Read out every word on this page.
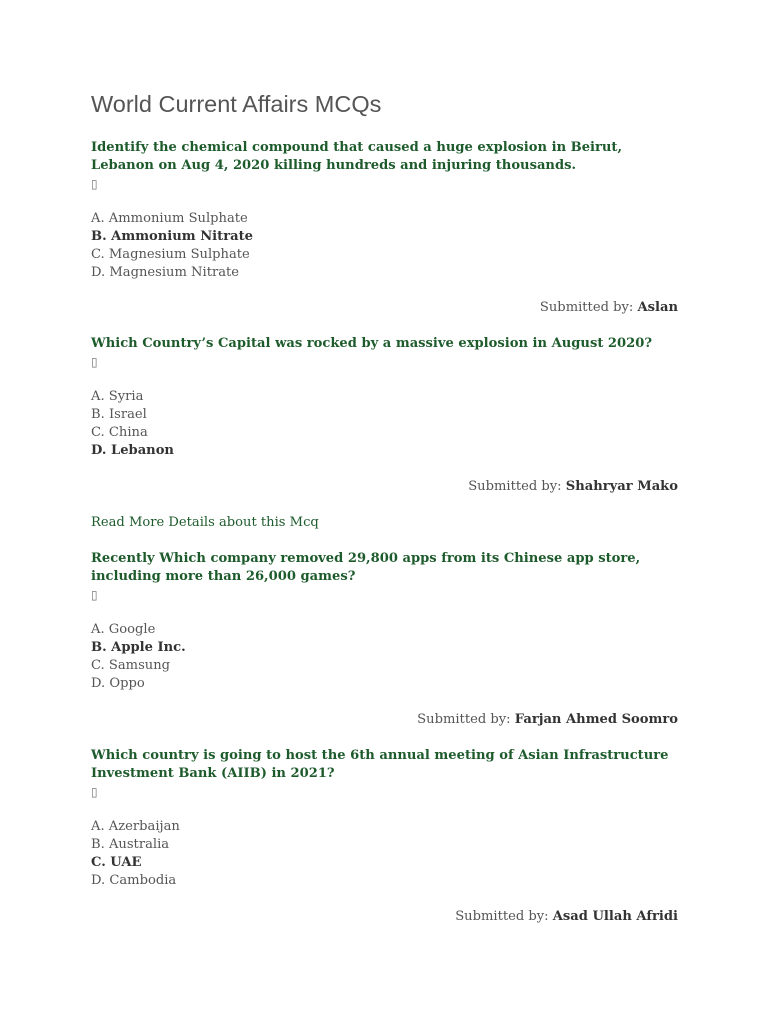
World Current Affairs MCQs
Identify the chemical compound that caused a huge explosion in Beirut, Lebanon on Aug 4, 2020 killing hundreds and injuring thousands.
▯
A. Ammonium Sulphate
B. Ammonium Nitrate
C. Magnesium Sulphate
D. Magnesium Nitrate
Submitted by: Aslan
Which Country’s Capital was rocked by a massive explosion in August 2020?
▯
A. Syria
B. Israel
C. China
D. Lebanon
Submitted by: Shahryar Mako
Read More Details about this Mcq
Recently Which company removed 29,800 apps from its Chinese app store, including more than 26,000 games?
▯
A. Google
B. Apple Inc.
C. Samsung
D. Oppo
Submitted by: Farjan Ahmed Soomro
Which country is going to host the 6th annual meeting of Asian Infrastructure Investment Bank (AIIB) in 2021?
▯
A. Azerbaijan
B. Australia
C. UAE
D. Cambodia
Submitted by: Asad Ullah Afridi
